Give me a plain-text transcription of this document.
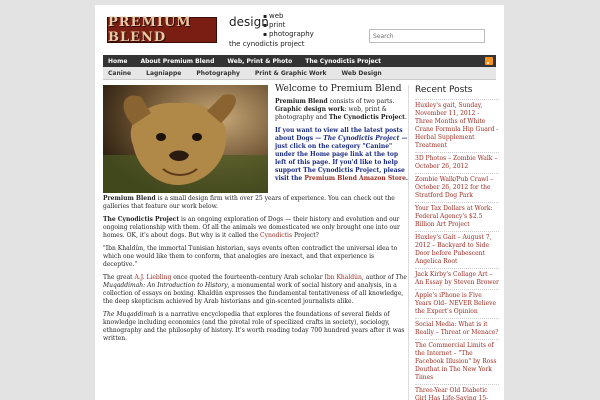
PREMIUM BLEND
design
▪ web
▪ print
▪ photography
the cynodictis project
Search
Home About Premium Blend Web, Print & Photo The Cynodictis Project
Canine	Lagniappe	Photography	Print & Graphic Work	Web Design
Welcome to Premium Blend

Premium Blend consists of two parts. Graphic design work: web, print & photography and The Cynodictis Project.

If you want to view all the latest posts about Dogs — The Cynodictis Project — just click on the category "Canine" under the Home page link at the top left of this page. If you'd like to help support The Cynodictis Project, please visit the Premium Blend Amazon Store.

Premium Blend is a small design firm with over 25 years of experience. You can check out the galleries that feature our work below.

The Cynodictis Project is an ongoing exploration of Dogs — their history and evolution and our ongoing relationship with them. Of all the animals we domesticated we only brought one into our homes. OK, it's about dogs. But why is it called the Cynodictis Project?

"Ibn Khaldûn, the immortal Tunisian historian, says events often contradict the universal idea to which one would like them to conform, that analogies are inexact, and that experience is deceptive."

The great A.J. Liebling once quoted the fourteenth-century Arab scholar Ibn Khaldûn, author of The Muqaddimah: An Introduction to History, a monumental work of social history and analysis, in a collection of essays on boxing. Khaldûn expresses the fundamental tentativeness of all knowledge, the deep skepticism achieved by Arab historians and gin-scented journalists alike.

The Muqaddimah is a narrative encyclopedia that explores the foundations of several fields of knowledge including economics (and the pivotal role of specilized crafts in society), sociology, ethnography and the philosophy of history. It's worth reading today 700 hundred years after it was written.

Recent Posts
Huxley's gait, Sunday, November 11, 2012 - Three Months of White Crane Formula Hip Guard - Herbal Supplement Treatment
3D Photos – Zombie Walk – October 26, 2012
Zombie Walk/Pub Crawl – October 26, 2012 for the Stratford Dog Park
Your Tax Dollars at Work: Federal Agency's $2.5 Billion Art Project
Huxley's Gait – August 7, 2012 – Backyard to Side Door before Pubescent Angelica Root
Jack Kirby's Collage Art – An Essay by Steven Brower
Apple's iPhone is Five Years Old– NEVER Believe the Expert's Opinion
Social Media: What is it Really – Threat or Menace?
The Commercial Limits of the Internet – "The Facebook Illusion" by Ross Douthat in The New York Times
Three-Year Old Diabetic Girl Has Life-Saving 15-
